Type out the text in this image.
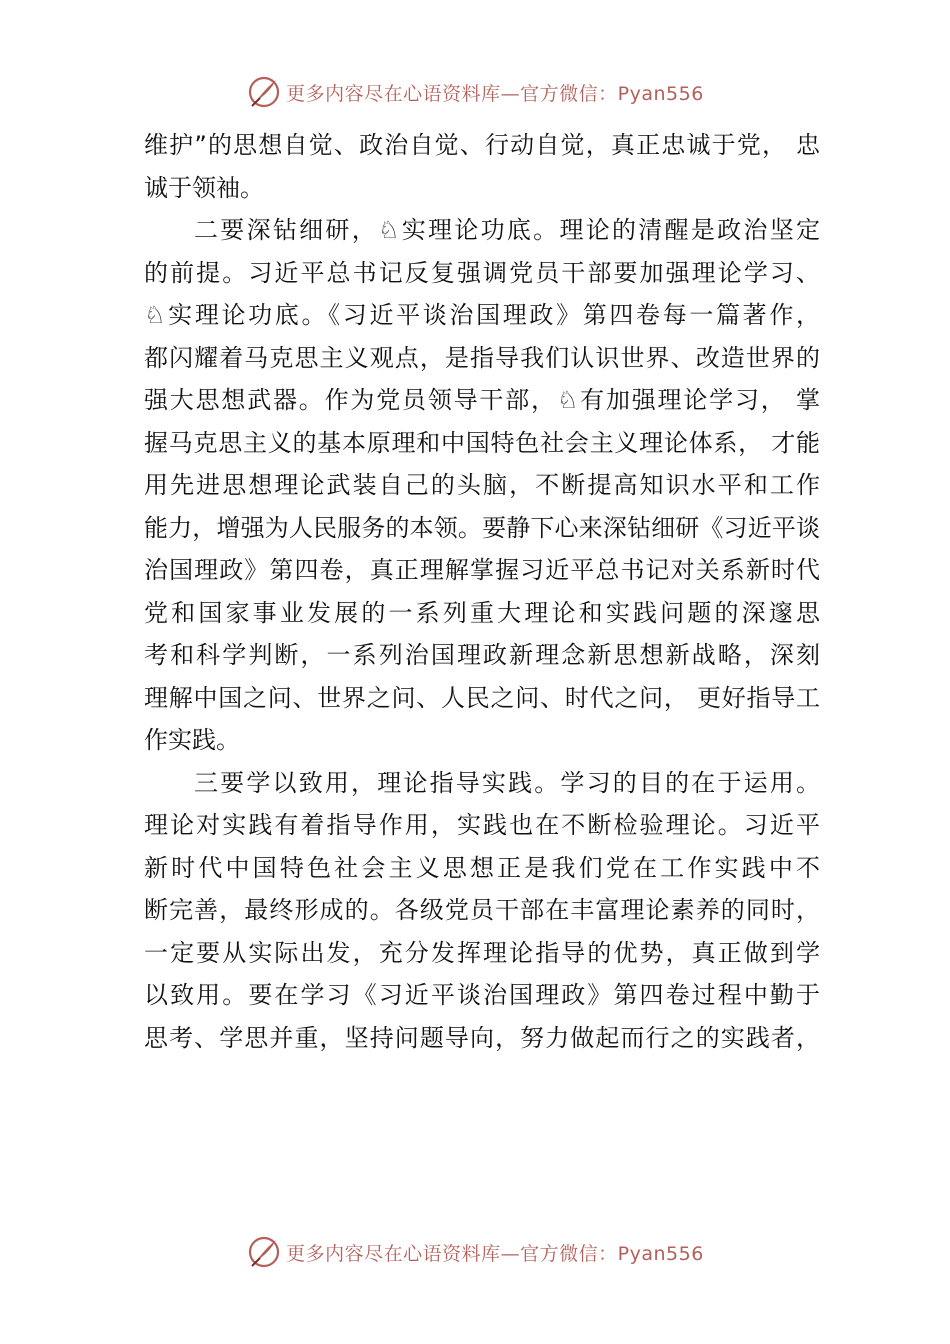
更多内容尽在心语资料库—官方微信：Pyan556
维护”的思想自觉、政治自觉、行动自觉，真正忠诚于党， 忠
诚于领袖。
二要深钻细研，♘实理论功底。理论的清醒是政治坚定
的前提。习近平总书记反复强调党员干部要加强理论学习、
♘实理论功底。《习近平谈治国理政》第四卷每一篇著作，
都闪耀着马克思主义观点，是指导我们认识世界、改造世界的
强大思想武器。作为党员领导干部，♘有加强理论学习， 掌
握马克思主义的基本原理和中国特色社会主义理论体系， 才能
用先进思想理论武装自己的头脑，不断提高知识水平和工作
能力，增强为人民服务的本领。要静下心来深钻细研《习近平谈
治国理政》第四卷，真正理解掌握习近平总书记对关系新时代
党和国家事业发展的一系列重大理论和实践问题的深邃思
考和科学判断，一系列治国理政新理念新思想新战略，深刻
理解中国之问、世界之问、人民之问、时代之问， 更好指导工
作实践。
三要学以致用，理论指导实践。学习的目的在于运用。
理论对实践有着指导作用，实践也在不断检验理论。习近平
新时代中国特色社会主义思想正是我们党在工作实践中不
断完善，最终形成的。各级党员干部在丰富理论素养的同时，
一定要从实际出发，充分发挥理论指导的优势，真正做到学
以致用。要在学习《习近平谈治国理政》第四卷过程中勤于
思考、学思并重，坚持问题导向，努力做起而行之的实践者，
更多内容尽在心语资料库—官方微信：Pyan556
